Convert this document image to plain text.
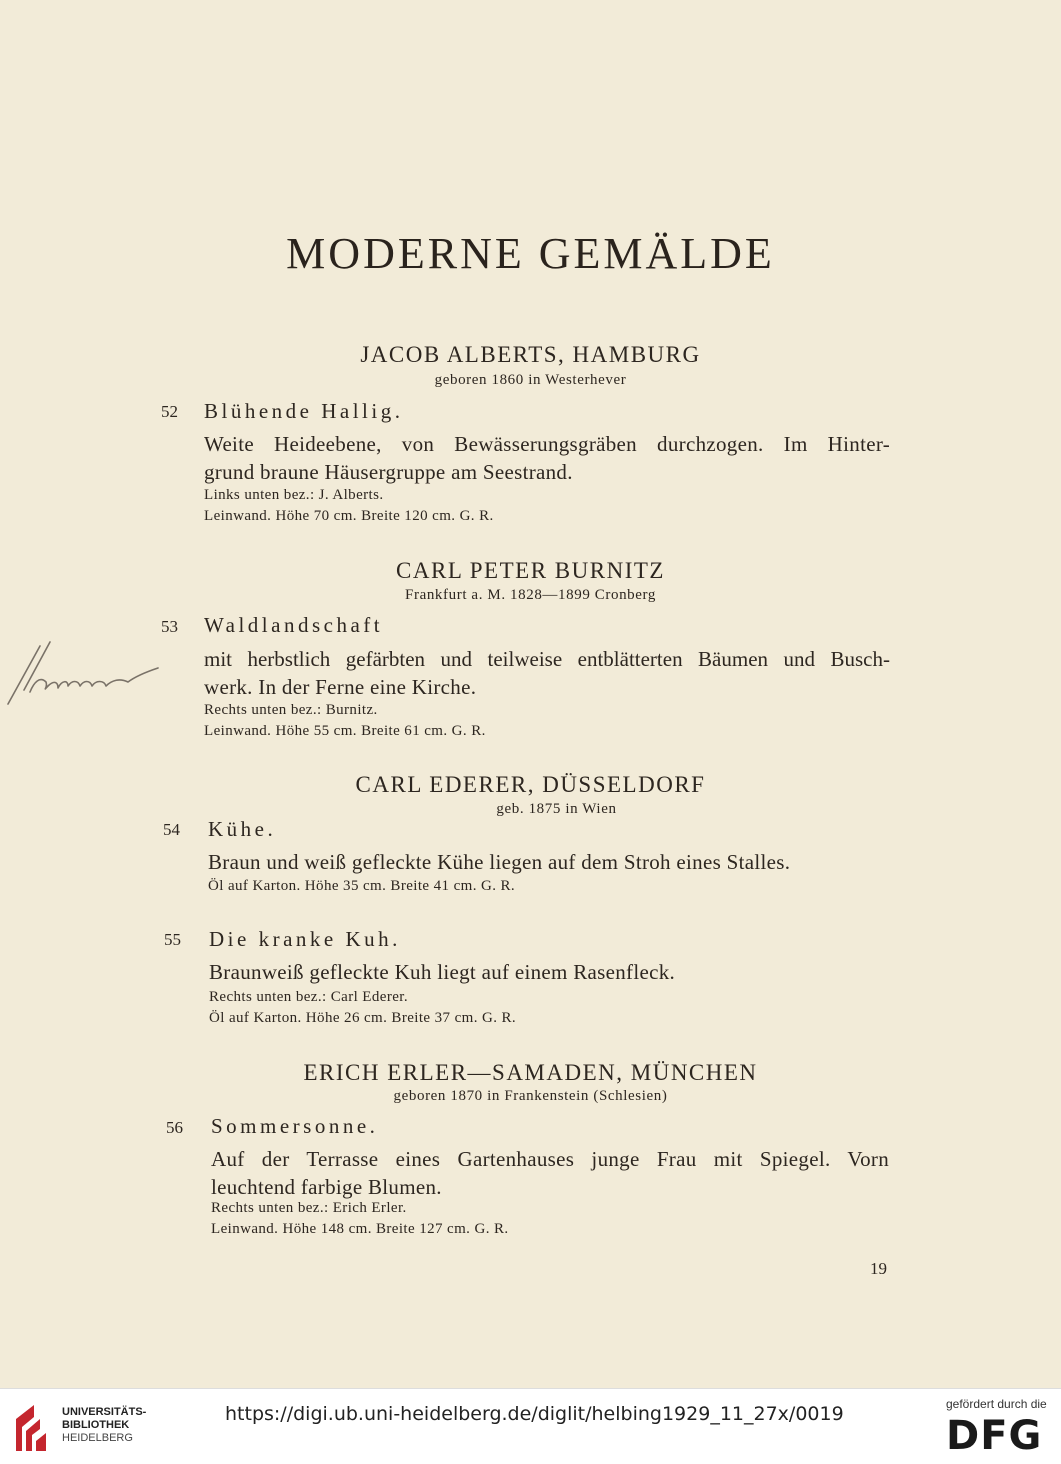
MODERNE GEMÄLDE
JACOB ALBERTS, HAMBURG
geboren 1860 in Westerhever
52 Blühende Hallig.
Weite Heideebene, von Bewässerungsgräben durchzogen. Im Hinter-
grund braune Häusergruppe am Seestrand.
Links unten bez.: J. Alberts.
Leinwand. Höhe 70 cm. Breite 120 cm. G. R.
CARL PETER BURNITZ
Frankfurt a. M. 1828—1899 Cronberg
53 Waldlandschaft
mit herbstlich gefärbten und teilweise entblätterten Bäumen und Busch-
werk. In der Ferne eine Kirche.
Rechts unten bez.: Burnitz.
Leinwand. Höhe 55 cm. Breite 61 cm. G. R.
CARL EDERER, DÜSSELDORF
geb. 1875 in Wien
54 Kühe.
Braun und weiß gefleckte Kühe liegen auf dem Stroh eines Stalles.
Öl auf Karton. Höhe 35 cm. Breite 41 cm. G. R.
55 Die kranke Kuh.
Braunweiß gefleckte Kuh liegt auf einem Rasenfleck.
Rechts unten bez.: Carl Ederer.
Öl auf Karton. Höhe 26 cm. Breite 37 cm. G. R.
ERICH ERLER—SAMADEN, MÜNCHEN
geboren 1870 in Frankenstein (Schlesien)
56 Sommersonne.
Auf der Terrasse eines Gartenhauses junge Frau mit Spiegel. Vorn
leuchtend farbige Blumen.
Rechts unten bez.: Erich Erler.
Leinwand. Höhe 148 cm. Breite 127 cm. G. R.
19
UNIVERSITÄTS-
BIBLIOTHEK
HEIDELBERG
gefördert durch die
DFG
https://digi.ub.uni-heidelberg.de/diglit/helbing1929_11_27x/0019
